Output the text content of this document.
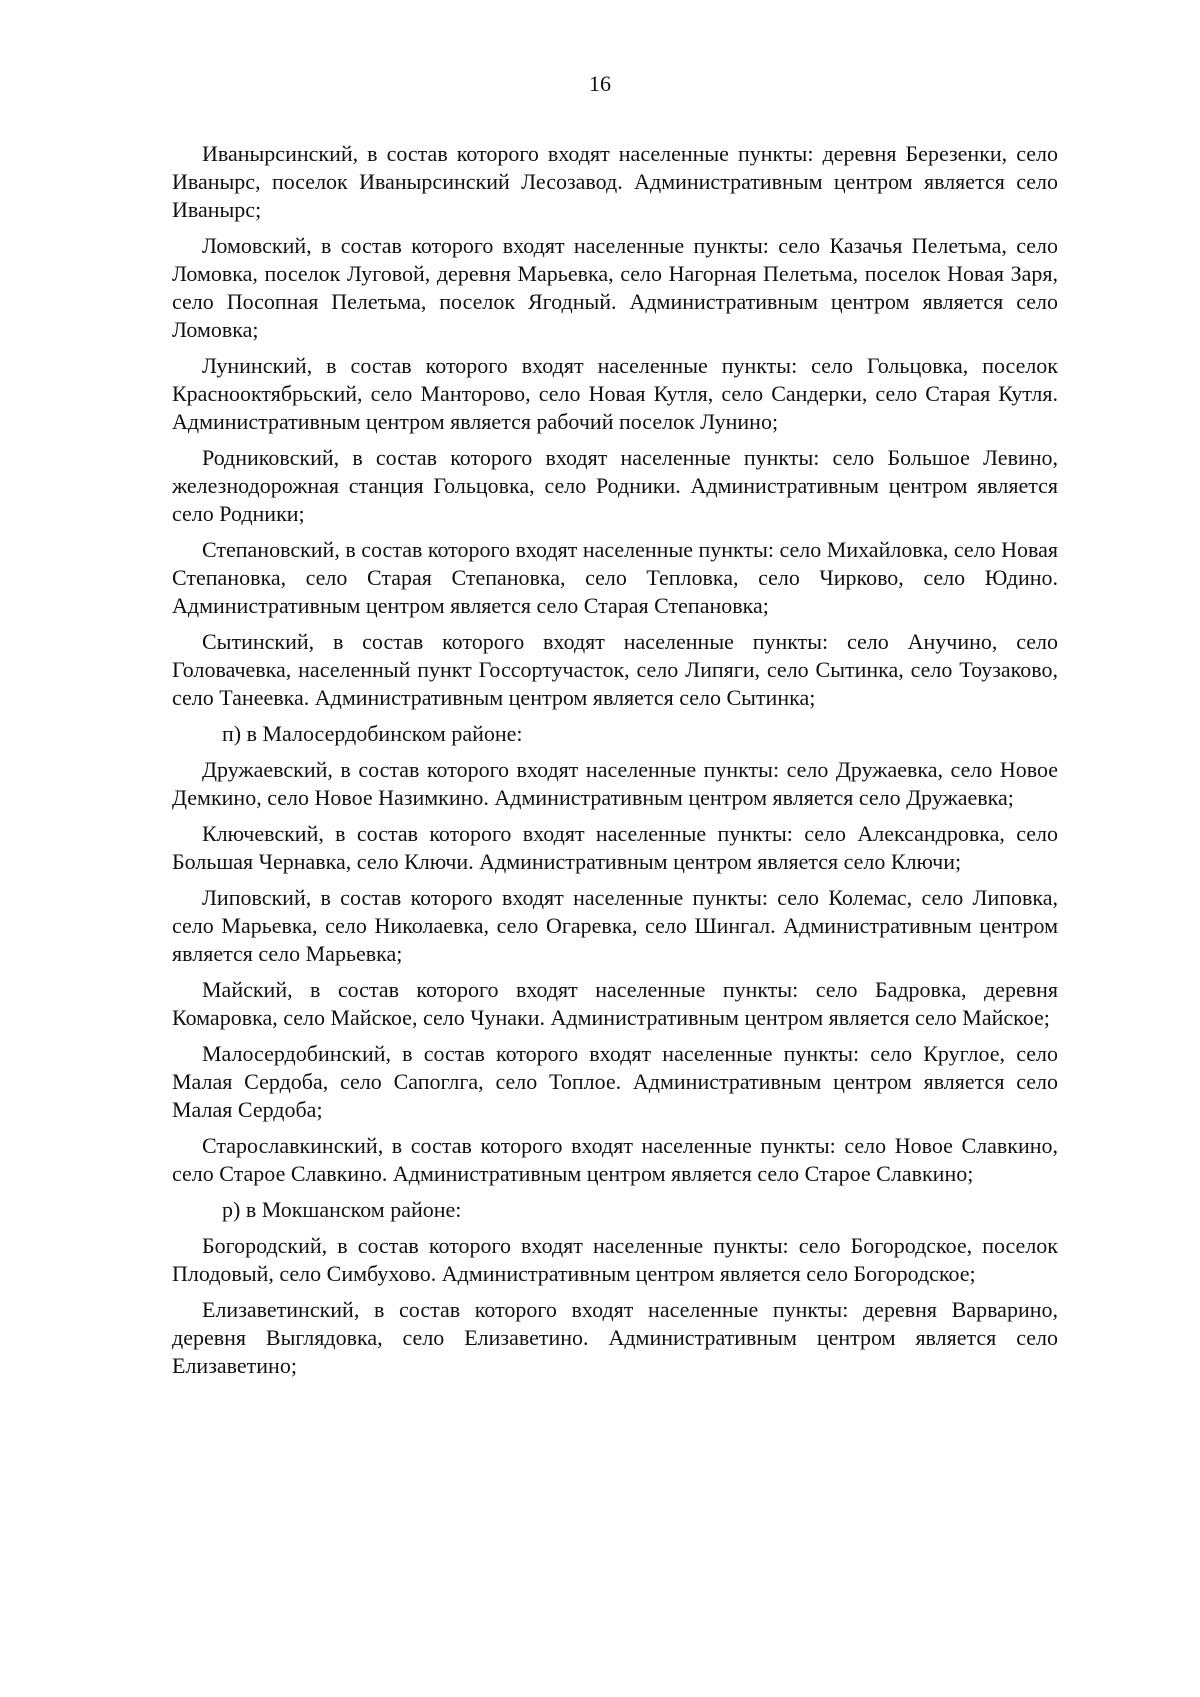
16

Иванырсинский, в состав которого входят населенные пункты: деревня Березенки, село Иванырс, поселок Иванырсинский Лесозавод. Административным центром является село Иванырс;

Ломовский, в состав которого входят населенные пункты: село Казачья Пелетьма, село Ломовка, поселок Луговой, деревня Марьевка, село Нагорная Пелетьма, поселок Новая Заря, село Посопная Пелетьма, поселок Ягодный. Административным центром является село Ломовка;

Лунинский, в состав которого входят населенные пункты: село Гольцовка, поселок Краснооктябрьский, село Манторово, село Новая Кутля, село Сандерки, село Старая Кутля. Административным центром является рабочий поселок Лунино;

Родниковский, в состав которого входят населенные пункты: село Большое Левино, железнодорожная станция Гольцовка, село Родники. Административным центром является село Родники;

Степановский, в состав которого входят населенные пункты: село Михайловка, село Новая Степановка, село Старая Степановка, село Тепловка, село Чирково, село Юдино. Административным центром является село Старая Степановка;

Сытинский, в состав которого входят населенные пункты: село Анучино, село Головачевка, населенный пункт Госсортучасток, село Липяги, село Сытинка, село Тоузаково, село Танеевка. Административным центром является село Сытинка;

п) в Малосердобинском районе:

Дружаевский, в состав которого входят населенные пункты: село Дружаевка, село Новое Демкино, село Новое Назимкино. Административным центром является село Дружаевка;

Ключевский, в состав которого входят населенные пункты: село Александровка, село Большая Чернавка, село Ключи. Административным центром является село Ключи;

Липовский, в состав которого входят населенные пункты: село Колемас, село Липовка, село Марьевка, село Николаевка, село Огаревка, село Шингал. Административным центром является село Марьевка;

Майский, в состав которого входят населенные пункты: село Бадровка, деревня Комаровка, село Майское, село Чунаки. Административным центром является село Майское;

Малосердобинский, в состав которого входят населенные пункты: село Круглое, село Малая Сердоба, село Сапоглга, село Топлое. Административным центром является село Малая Сердоба;

Старославкинский, в состав которого входят населенные пункты: село Новое Славкино, село Старое Славкино. Административным центром является село Старое Славкино;

р) в Мокшанском районе:

Богородский, в состав которого входят населенные пункты: село Богородское, поселок Плодовый, село Симбухово. Административным центром является село Богородское;

Елизаветинский, в состав которого входят населенные пункты: деревня Варварино, деревня Выглядовка, село Елизаветино. Административным центром является село Елизаветино;
